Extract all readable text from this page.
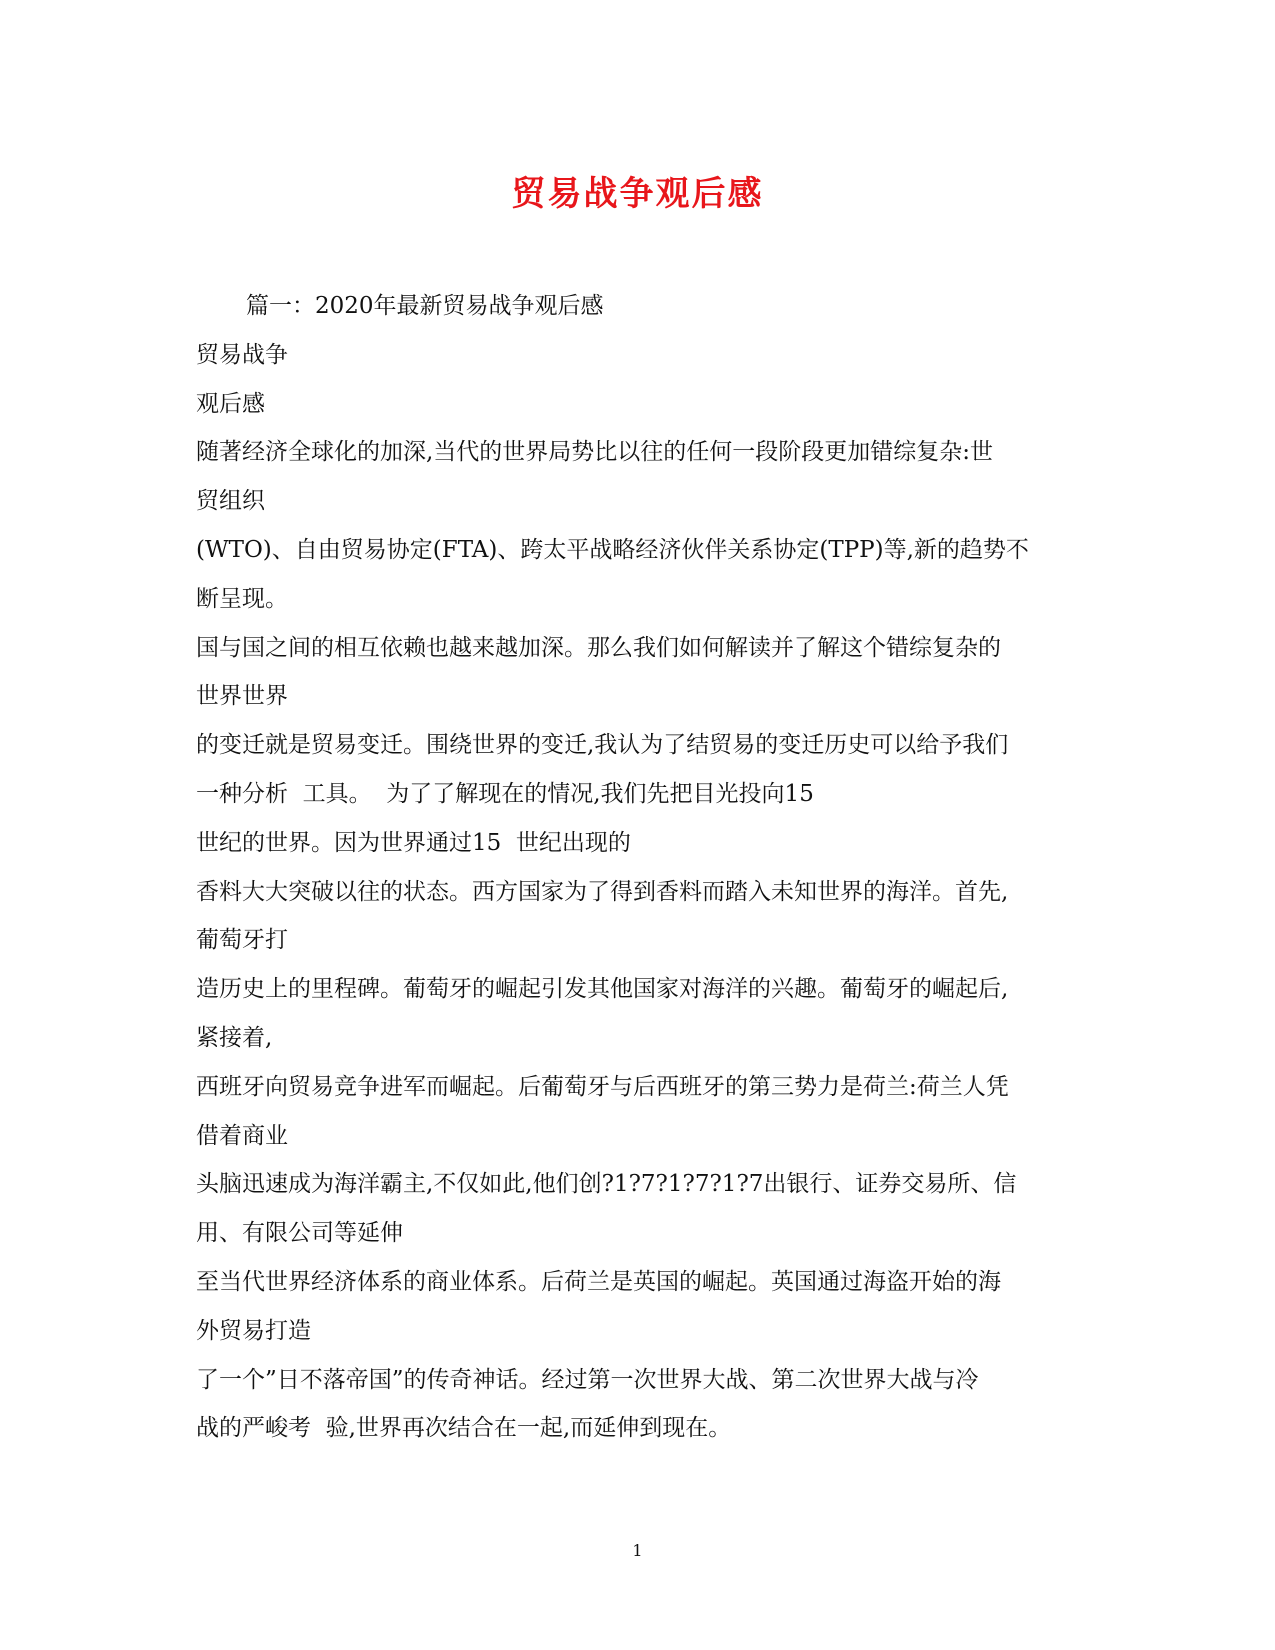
贸易战争观后感

篇一：2020年最新贸易战争观后感

贸易战争

观后感

随著经济全球化的加深,当代的世界局势比以往的任何一段阶段更加错综复杂:世

贸组织

(WTO)、自由贸易协定(FTA)、跨太平战略经济伙伴关系协定(TPP)等,新的趋势不

断呈现。

国与国之间的相互依赖也越来越加深。那么我们如何解读并了解这个错综复杂的

世界世界

的变迁就是贸易变迁。围绕世界的变迁,我认为了结贸易的变迁历史可以给予我们

一种分析  工具。  为了了解现在的情况,我们先把目光投向15

世纪的世界。因为世界通过15  世纪出现的

香料大大突破以往的状态。西方国家为了得到香料而踏入未知世界的海洋。首先,

葡萄牙打

造历史上的里程碑。葡萄牙的崛起引发其他国家对海洋的兴趣。葡萄牙的崛起后,

紧接着,

西班牙向贸易竞争进军而崛起。后葡萄牙与后西班牙的第三势力是荷兰:荷兰人凭

借着商业

头脑迅速成为海洋霸主,不仅如此,他们创?1?7?1?7?1?7出银行、证券交易所、信

用、有限公司等延伸

至当代世界经济体系的商业体系。后荷兰是英国的崛起。英国通过海盗开始的海

外贸易打造

了一个”日不落帝国”的传奇神话。经过第一次世界大战、第二次世界大战与冷

战的严峻考  验,世界再次结合在一起,而延伸到现在。

1
